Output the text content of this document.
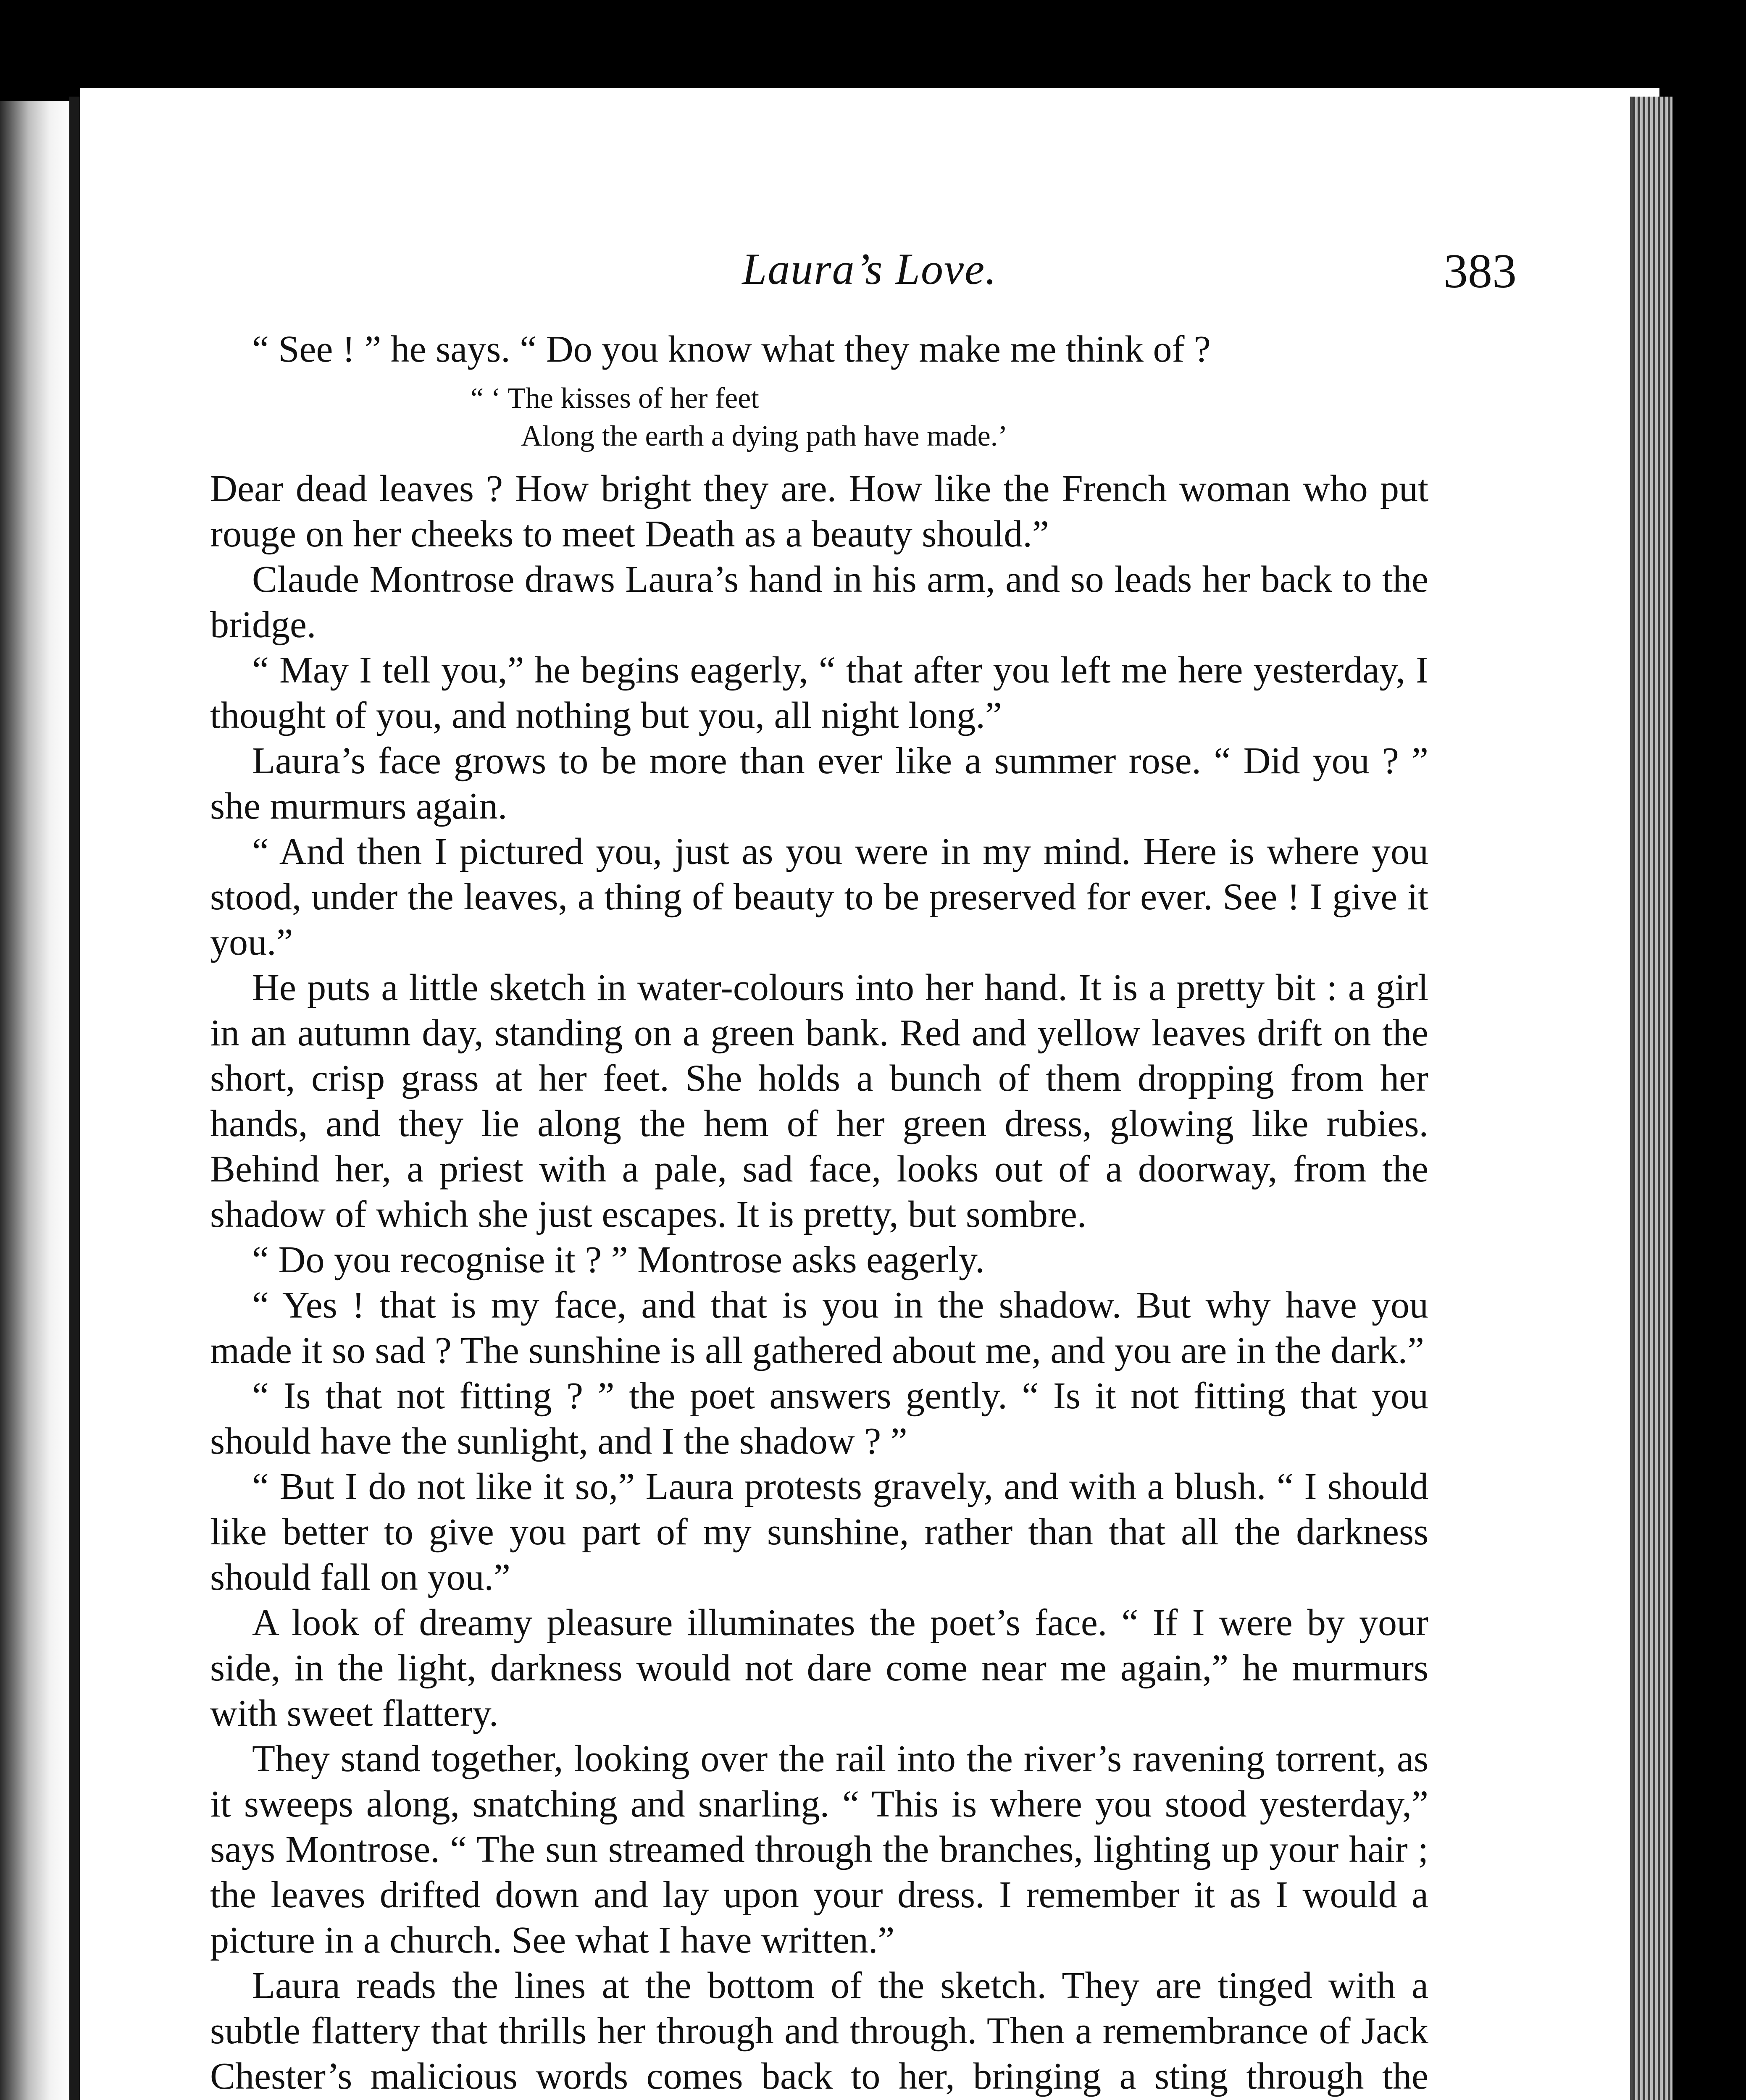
Laura’s Love.	383

“ See ! ” he says. “ Do you know what they make me think of ?

“ ‘ The kisses of her feet
Along the earth a dying path have made.’

Dear dead leaves ? How bright they are. How like the French woman who put rouge on her cheeks to meet Death as a beauty should.”

Claude Montrose draws Laura’s hand in his arm, and so leads her back to the bridge.

“ May I tell you,” he begins eagerly, “ that after you left me here yesterday, I thought of you, and nothing but you, all night long.”

Laura’s face grows to be more than ever like a summer rose. “ Did you ? ” she murmurs again.

“ And then I pictured you, just as you were in my mind. Here is where you stood, under the leaves, a thing of beauty to be preserved for ever. See ! I give it you.”

He puts a little sketch in water-colours into her hand. It is a pretty bit : a girl in an autumn day, standing on a green bank. Red and yellow leaves drift on the short, crisp grass at her feet. She holds a bunch of them dropping from her hands, and they lie along the hem of her green dress, glowing like rubies. Behind her, a priest with a pale, sad face, looks out of a doorway, from the shadow of which she just escapes. It is pretty, but sombre.

“ Do you recognise it ? ” Montrose asks eagerly.

“ Yes ! that is my face, and that is you in the shadow. But why have you made it so sad ? The sunshine is all gathered about me, and you are in the dark.”

“ Is that not fitting ? ” the poet answers gently. “ Is it not fitting that you should have the sunlight, and I the shadow ? ”

“ But I do not like it so,” Laura protests gravely, and with a blush. “ I should like better to give you part of my sunshine, rather than that all the darkness should fall on you.”

A look of dreamy pleasure illuminates the poet’s face. “ If I were by your side, in the light, darkness would not dare come near me again,” he murmurs with sweet flattery.

They stand together, looking over the rail into the river’s ravening torrent, as it sweeps along, snatching and snarling. “ This is where you stood yesterday,” says Montrose. “ The sun streamed through the branches, lighting up your hair ; the leaves drifted down and lay upon your dress. I remember it as I would a picture in a church. See what I have written.”

Laura reads the lines at the bottom of the sketch. They are tinged with a subtle flattery that thrills her through and through. Then a remembrance of Jack Chester’s malicious words comes back to her, bringing a sting through the
